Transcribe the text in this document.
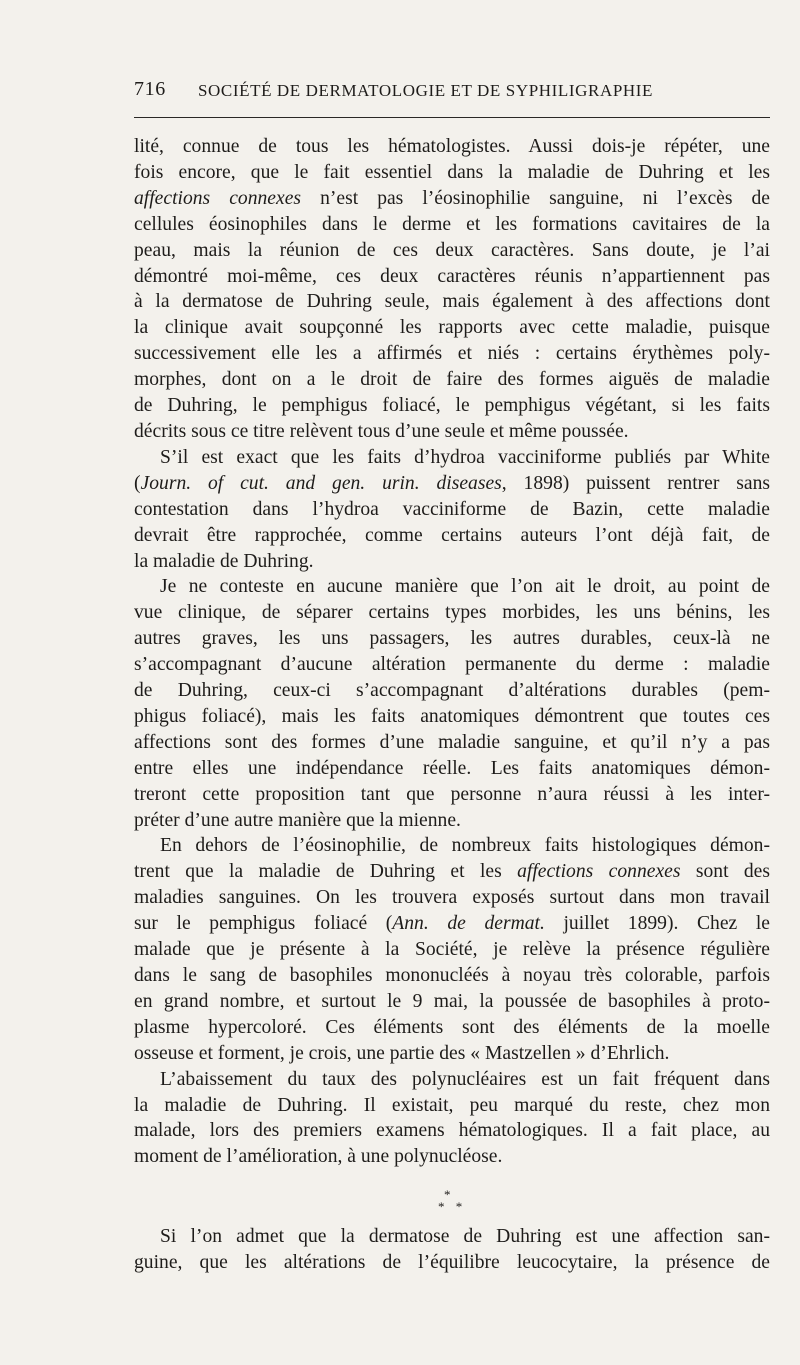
716 SOCIÉTÉ DE DERMATOLOGIE ET DE SYPHILIGRAPHIE
lité, connue de tous les hématologistes. Aussi dois-je répéter, une
fois encore, que le fait essentiel dans la maladie de Duhring et les
affections connexes n’est pas l’éosinophilie sanguine, ni l’excès de
cellules éosinophiles dans le derme et les formations cavitaires de la
peau, mais la réunion de ces deux caractères. Sans doute, je l’ai
démontré moi-même, ces deux caractères réunis n’appartiennent pas
à la dermatose de Duhring seule, mais également à des affections dont
la clinique avait soupçonné les rapports avec cette maladie, puisque
successivement elle les a affirmés et niés : certains érythèmes poly-
morphes, dont on a le droit de faire des formes aiguës de maladie
de Duhring, le pemphigus foliacé, le pemphigus végétant, si les faits
décrits sous ce titre relèvent tous d’une seule et même poussée.
S’il est exact que les faits d’hydroa vacciniforme publiés par White
(Journ. of cut. and gen. urin. diseases, 1898) puissent rentrer sans
contestation dans l’hydroa vacciniforme de Bazin, cette maladie
devrait être rapprochée, comme certains auteurs l’ont déjà fait, de
la maladie de Duhring.
Je ne conteste en aucune manière que l’on ait le droit, au point de
vue clinique, de séparer certains types morbides, les uns bénins, les
autres graves, les uns passagers, les autres durables, ceux-là ne
s’accompagnant d’aucune altération permanente du derme : maladie
de Duhring, ceux-ci s’accompagnant d’altérations durables (pem-
phigus foliacé), mais les faits anatomiques démontrent que toutes ces
affections sont des formes d’une maladie sanguine, et qu’il n’y a pas
entre elles une indépendance réelle. Les faits anatomiques démon-
treront cette proposition tant que personne n’aura réussi à les inter-
préter d’une autre manière que la mienne.
En dehors de l’éosinophilie, de nombreux faits histologiques démon-
trent que la maladie de Duhring et les affections connexes sont des
maladies sanguines. On les trouvera exposés surtout dans mon travail
sur le pemphigus foliacé (Ann. de dermat. juillet 1899). Chez le
malade que je présente à la Société, je relève la présence régulière
dans le sang de basophiles mononucléés à noyau très colorable, parfois
en grand nombre, et surtout le 9 mai, la poussée de basophiles à proto-
plasme hypercoloré. Ces éléments sont des éléments de la moelle
osseuse et forment, je crois, une partie des « Mastzellen » d’Ehrlich.
L’abaissement du taux des polynucléaires est un fait fréquent dans
la maladie de Duhring. Il existait, peu marqué du reste, chez mon
malade, lors des premiers examens hématologiques. Il a fait place, au
moment de l’amélioration, à une polynucléose.
*
* *
Si l’on admet que la dermatose de Duhring est une affection san-
guine, que les altérations de l’équilibre leucocytaire, la présence de
